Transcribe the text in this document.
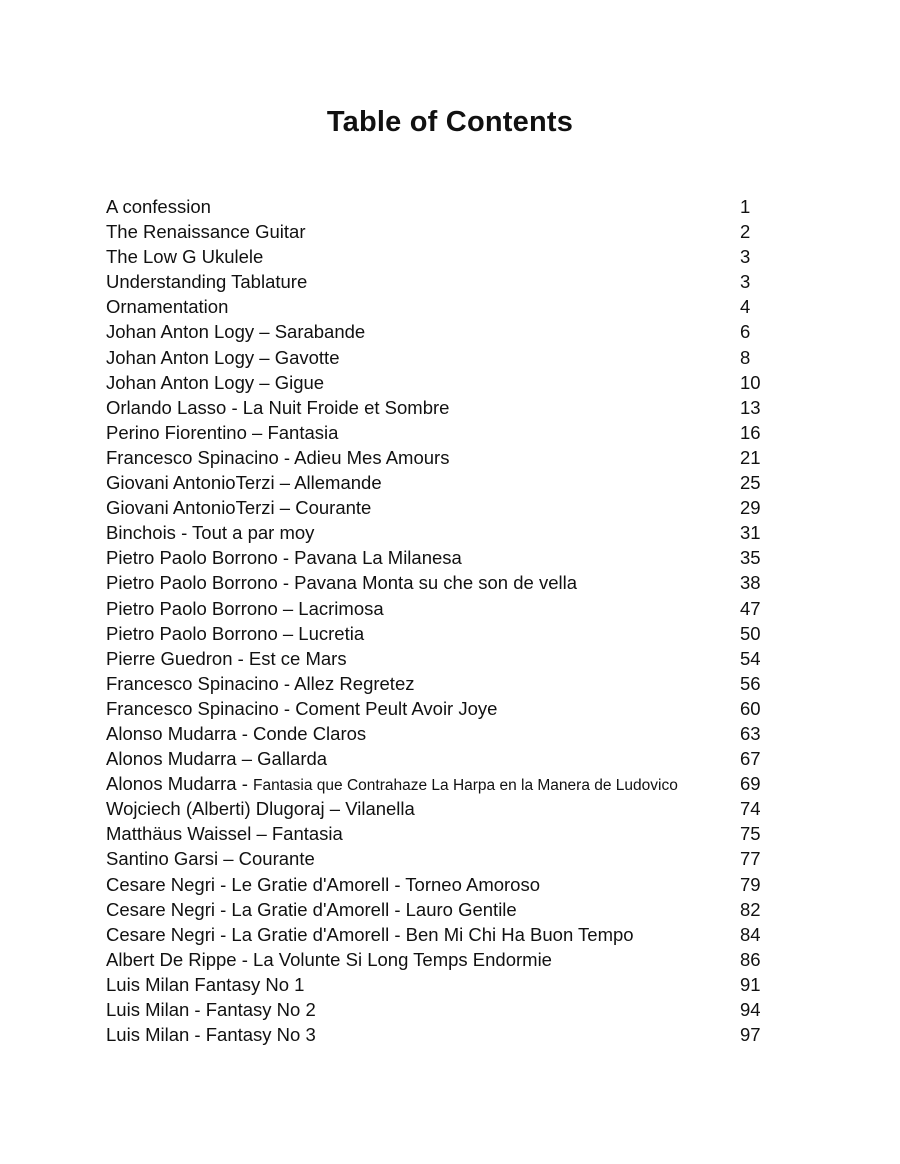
Table of Contents
A confession	1
The Renaissance Guitar	2
The Low G Ukulele	3
Understanding Tablature	3
Ornamentation	4
Johan Anton Logy – Sarabande	6
Johan Anton Logy – Gavotte	8
Johan Anton Logy – Gigue	10
Orlando Lasso - La Nuit Froide et Sombre	13
Perino Fiorentino – Fantasia	16
Francesco Spinacino - Adieu Mes Amours	21
Giovani AntonioTerzi – Allemande	25
Giovani AntonioTerzi – Courante	29
Binchois - Tout a par moy	31
Pietro Paolo Borrono - Pavana La Milanesa	35
Pietro Paolo Borrono - Pavana Monta su che son de vella	38
Pietro Paolo Borrono – Lacrimosa	47
Pietro Paolo Borrono – Lucretia	50
Pierre Guedron - Est ce Mars	54
Francesco Spinacino - Allez Regretez	56
Francesco Spinacino - Coment Peult Avoir Joye	60
Alonso Mudarra - Conde Claros	63
Alonos Mudarra – Gallarda	67
Alonos Mudarra - Fantasia que Contrahaze La Harpa en la Manera de Ludovico	69
Wojciech (Alberti) Dlugoraj – Vilanella	74
Matthäus Waissel – Fantasia	75
Santino Garsi – Courante	77
Cesare Negri - Le Gratie d'Amorell - Torneo Amoroso	79
Cesare Negri - La Gratie d'Amorell - Lauro Gentile	82
Cesare Negri - La Gratie d'Amorell - Ben Mi Chi Ha Buon Tempo	84
Albert De Rippe - La Volunte Si Long Temps Endormie	86
Luis Milan Fantasy No 1	91
Luis Milan - Fantasy No 2	94
Luis Milan - Fantasy No 3	97
